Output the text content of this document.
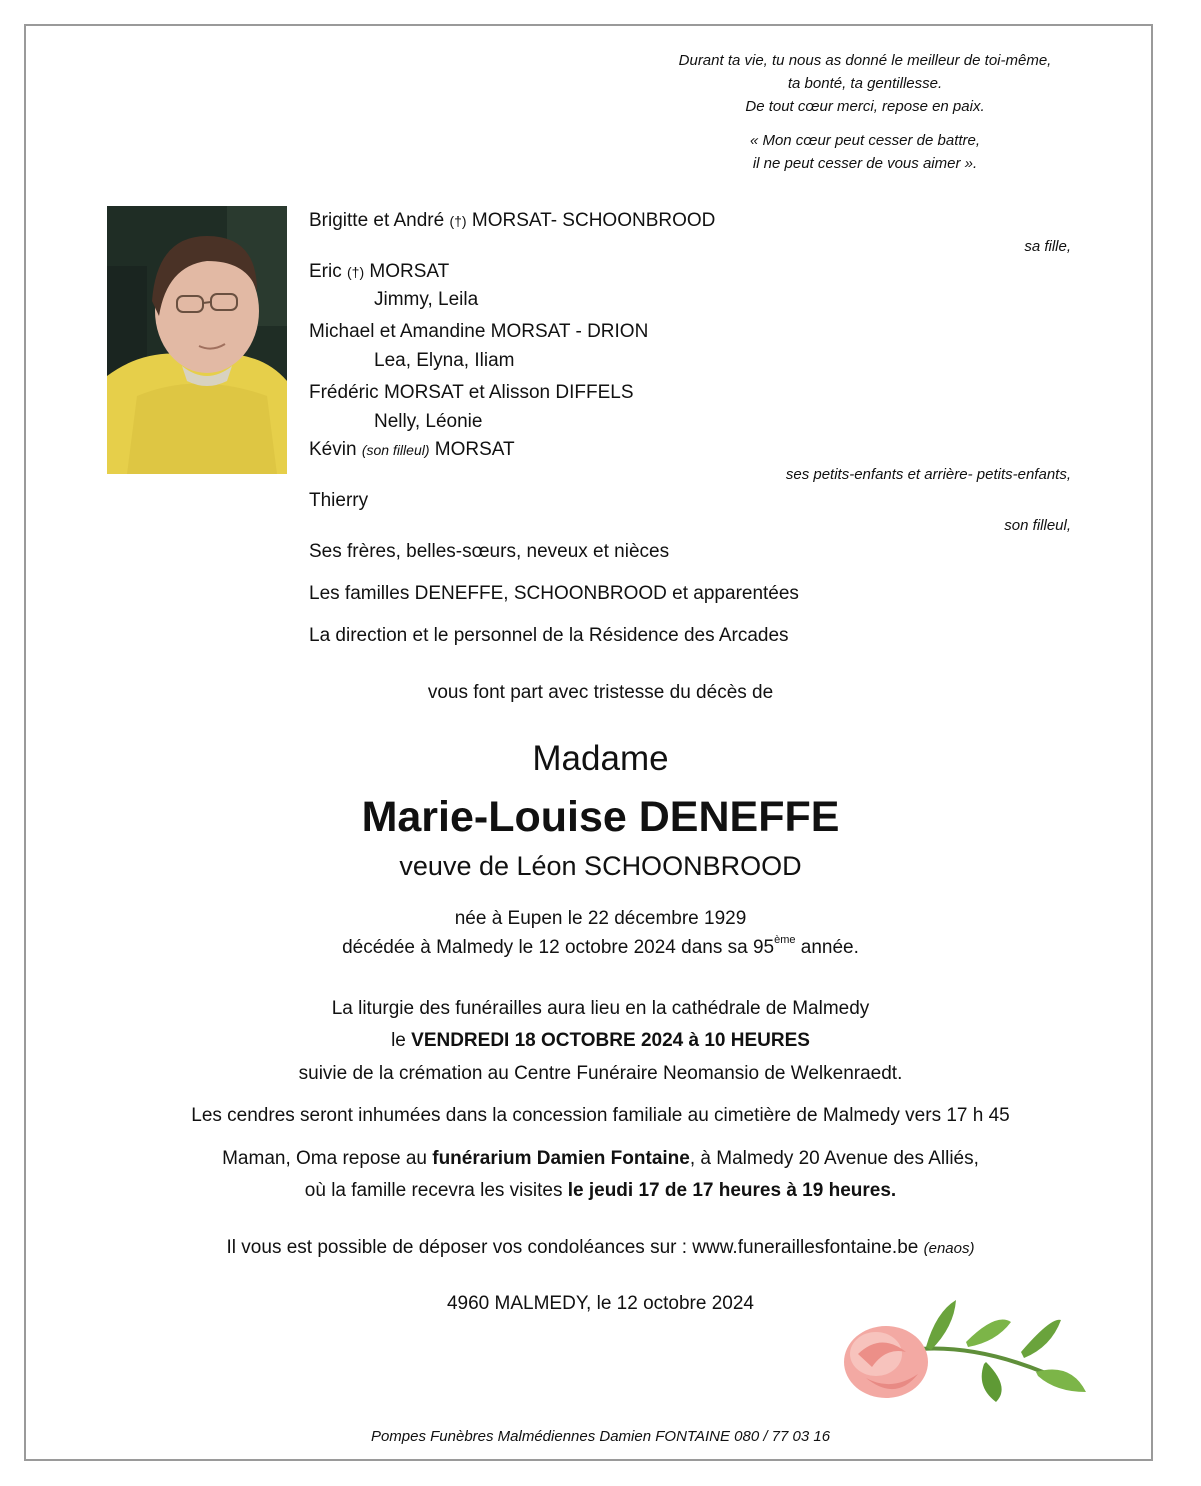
Durant ta vie, tu nous as donné le meilleur de toi-même,
ta bonté, ta gentillesse.
De tout cœur merci, repose en paix.
« Mon cœur peut cesser de battre,
il ne peut cesser de vous aimer ».
Brigitte et André (†) MORSAT- SCHOONBROOD
sa fille,
Eric (†) MORSAT
Jimmy, Leila
Michael et Amandine MORSAT - DRION
Lea, Elyna, Iliam
Frédéric MORSAT et Alisson DIFFELS
Nelly, Léonie
Kévin (son filleul) MORSAT
ses petits-enfants et arrière- petits-enfants,
Thierry
son filleul,
Ses frères, belles-sœurs, neveux et nièces
Les familles DENEFFE, SCHOONBROOD et apparentées
La direction et le personnel de la Résidence des Arcades
vous font part avec tristesse du décès de
Madame
Marie-Louise DENEFFE
veuve de Léon SCHOONBROOD
née à Eupen le 22 décembre 1929
décédée à Malmedy le 12 octobre 2024 dans sa 95ème année.
La liturgie des funérailles aura lieu en la cathédrale de Malmedy
le VENDREDI 18 OCTOBRE 2024 à 10 HEURES
suivie de la crémation au Centre Funéraire Neomansio de Welkenraedt.
Les cendres seront inhumées dans la concession familiale au cimetière de Malmedy vers 17 h 45
Maman, Oma repose au funérarium Damien Fontaine, à Malmedy 20 Avenue des Alliés,
où la famille recevra les visites le jeudi 17 de 17 heures à 19 heures.
Il vous est possible de déposer vos condoléances sur : www.funeraillesfontaine.be (enaos)
4960 MALMEDY, le 12 octobre 2024
Pompes Funèbres Malmédiennes Damien FONTAINE 080 / 77 03 16
